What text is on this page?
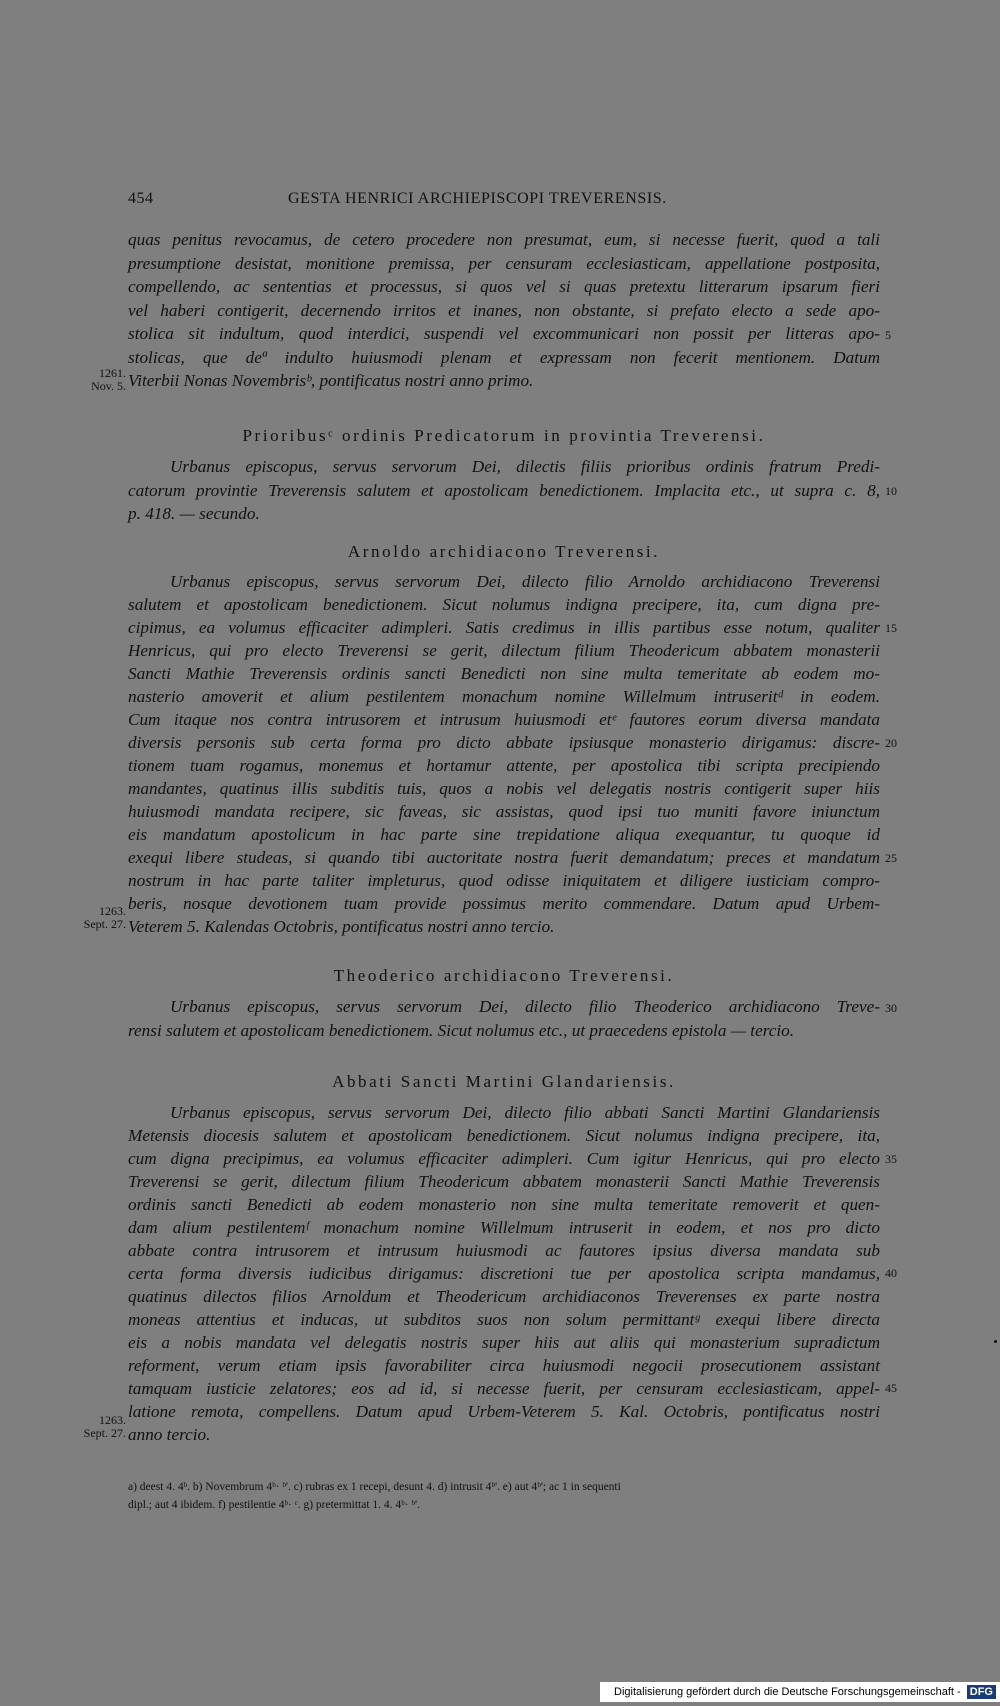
454	GESTA HENRICI ARCHIEPISCOPI TREVERENSIS.
quas penitus revocamus, de cetero procedere non presumat, eum, si necesse fuerit, quod a tali
presumptione desistat, monitione premissa, per censuram ecclesiasticam, appellatione postposita,
compellendo, ac sententias et processus, si quos vel si quas pretextu litterarum ipsarum fieri
vel haberi contigerit, decernendo irritos et inanes, non obstante, si prefato electo a sede apo-
stolica sit indultum, quod interdici, suspendi vel excommunicari non possit per litteras apo-
stolicas, que deª indulto huiusmodi plenam et expressam non fecerit mentionem. Datum
Viterbii Nonas Novembrisᵇ, pontificatus nostri anno primo.
5
1261.
Nov. 5.
Prioribusᶜ ordinis Predicatorum in provintia Treverensi.
Urbanus episcopus, servus servorum Dei, dilectis filiis prioribus ordinis fratrum Predi-
catorum provintie Treverensis salutem et apostolicam benedictionem. Implacita etc., ut supra c. 8,
p. 418. — secundo.
10
Arnoldo archidiacono Treverensi.
Urbanus episcopus, servus servorum Dei, dilecto filio Arnoldo archidiacono Treverensi
salutem et apostolicam benedictionem. Sicut nolumus indigna precipere, ita, cum digna pre-
cipimus, ea volumus efficaciter adimpleri. Satis credimus in illis partibus esse notum, qualiter
Henricus, qui pro electo Treverensi se gerit, dilectum filium Theodericum abbatem monasterii
Sancti Mathie Treverensis ordinis sancti Benedicti non sine multa temeritate ab eodem mo-
nasterio amoverit et alium pestilentem monachum nomine Willelmum intruseritᵈ in eodem.
Cum itaque nos contra intrusorem et intrusum huiusmodi etᵉ fautores eorum diversa mandata
diversis personis sub certa forma pro dicto abbate ipsiusque monasterio dirigamus: discre-
tionem tuam rogamus, monemus et hortamur attente, per apostolica tibi scripta precipiendo
mandantes, quatinus illis subditis tuis, quos a nobis vel delegatis nostris contigerit super hiis
huiusmodi mandata recipere, sic faveas, sic assistas, quod ipsi tuo muniti favore iniunctum
eis mandatum apostolicum in hac parte sine trepidatione aliqua exequantur, tu quoque id
exequi libere studeas, si quando tibi auctoritate nostra fuerit demandatum; preces et mandatum
nostrum in hac parte taliter impleturus, quod odisse iniquitatem et diligere iusticiam compro-
beris, nosque devotionem tuam provide possimus merito commendare. Datum apud Urbem-
Veterem 5. Kalendas Octobris, pontificatus nostri anno tercio.
15
20
25
1263.
Sept. 27.
Theoderico archidiacono Treverensi.
Urbanus episcopus, servus servorum Dei, dilecto filio Theoderico archidiacono Treve-
rensi salutem et apostolicam benedictionem. Sicut nolumus etc., ut praecedens epistola — tercio.
30
Abbati Sancti Martini Glandariensis.
Urbanus episcopus, servus servorum Dei, dilecto filio abbati Sancti Martini Glandariensis
Metensis diocesis salutem et apostolicam benedictionem. Sicut nolumus indigna precipere, ita,
cum digna precipimus, ea volumus efficaciter adimpleri. Cum igitur Henricus, qui pro electo
Treverensi se gerit, dilectum filium Theodericum abbatem monasterii Sancti Mathie Treverensis
ordinis sancti Benedicti ab eodem monasterio non sine multa temeritate removerit et quen-
dam alium pestilentemᶠ monachum nomine Willelmum intruserit in eodem, et nos pro dicto
abbate contra intrusorem et intrusum huiusmodi ac fautores ipsius diversa mandata sub
certa forma diversis iudicibus dirigamus: discretioni tue per apostolica scripta mandamus,
quatinus dilectos filios Arnoldum et Theodericum archidiaconos Treverenses ex parte nostra
moneas attentius et inducas, ut subditos suos non solum permittantᵍ exequi libere directa
eis a nobis mandata vel delegatis nostris super hiis aut aliis qui monasterium supradictum
reforment, verum etiam ipsis favorabiliter circa huiusmodi negocii prosecutionem assistant
tamquam iusticie zelatores; eos ad id, si necesse fuerit, per censuram ecclesiasticam, appel-
latione remota, compellens. Datum apud Urbem-Veterem 5. Kal. Octobris, pontificatus nostri
anno tercio.
35
40
45
1263.
Sept. 27.
a) deest 4. 4ᵇ. b) Novembrum 4ᵇ· ᵇ'. c) rubras ex 1 recepi, desunt 4. d) intrusit 4ᵇ'. e) aut 4ᵇ'; ac 1 in sequenti
dipl.; aut 4 ibidem. f) pestilentie 4ᵇ· ᶜ. g) pretermittat 1. 4. 4ᵇ· ᵇ'.
Digitalisierung gefördert durch die Deutsche Forschungsgemeinschaft - DFG
